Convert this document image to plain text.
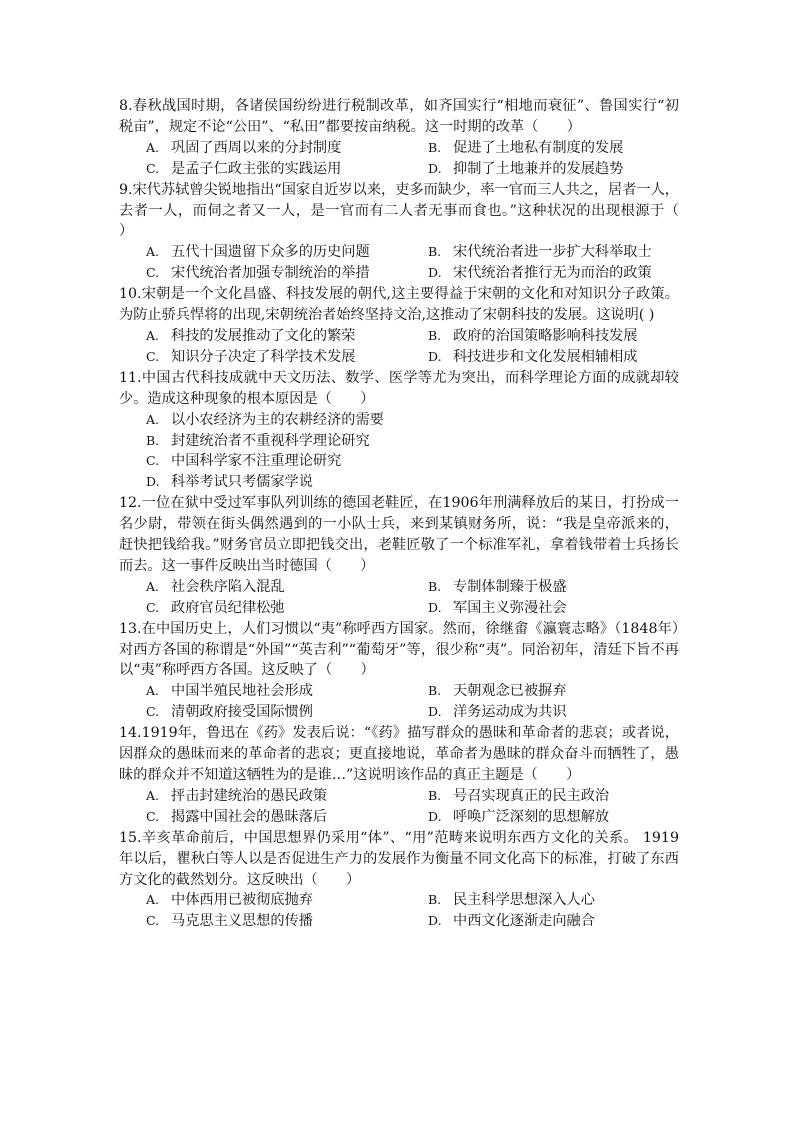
8.春秋战国时期，各诸侯国纷纷进行税制改革，如齐国实行“相地而衰征”、鲁国实行“初税亩”，规定不论“公田”、“私田”都要按亩纳税。这一时期的改革（　　）

A. 巩固了西周以来的分封制度	B. 促进了土地私有制度的发展
C. 是孟子仁政主张的实践运用	D. 抑制了土地兼并的发展趋势

9.宋代苏轼曾尖锐地指出“国家自近岁以来，吏多而缺少，率一官而三人共之，居者一人，去者一人，而伺之者又一人，是一官而有二人者无事而食也。”这种状况的出现根源于（　　）

A. 五代十国遗留下众多的历史问题	B. 宋代统治者进一步扩大科举取士
C. 宋代统治者加强专制统治的举措	D. 宋代统治者推行无为而治的政策

10.宋朝是一个文化昌盛、科技发展的朝代,这主要得益于宋朝的文化和对知识分子政策。为防止骄兵悍将的出现,宋朝统治者始终坚持文治,这推动了宋朝科技的发展。这说明( )

A. 科技的发展推动了文化的繁荣	B. 政府的治国策略影响科技发展
C. 知识分子决定了科学技术发展	D. 科技进步和文化发展相辅相成

11.中国古代科技成就中天文历法、数学、医学等尤为突出，而科学理论方面的成就却较少。造成这种现象的根本原因是（　　）

A. 以小农经济为主的农耕经济的需要
B. 封建统治者不重视科学理论研究
C. 中国科学家不注重理论研究
D. 科举考试只考儒家学说

12.一位在狱中受过军事队列训练的德国老鞋匠，在1906年刑满释放后的某日，打扮成一名少尉，带领在街头偶然遇到的一小队士兵，来到某镇财务所，说：“我是皇帝派来的，赶快把钱给我。”财务官员立即把钱交出，老鞋匠敬了一个标准军礼，拿着钱带着士兵扬长而去。这一事件反映出当时德国（　　）

A. 社会秩序陷入混乱	B. 专制体制臻于极盛
C. 政府官员纪律松弛	D. 军国主义弥漫社会

13.在中国历史上，人们习惯以“夷”称呼西方国家。然而，徐继畬《瀛寰志略》（1848年）对西方各国的称谓是“外国”“英吉利”“葡萄牙”等，很少称“夷”。同治初年，清廷下旨不再以“夷”称呼西方各国。这反映了（　　）

A. 中国半殖民地社会形成	B. 天朝观念已被摒弃
C. 清朝政府接受国际惯例	D. 洋务运动成为共识

14.1919年，鲁迅在《药》发表后说：“《药》描写群众的愚昧和革命者的悲哀；或者说，因群众的愚昧而来的革命者的悲哀；更直接地说，革命者为愚昧的群众奋斗而牺牲了，愚昧的群众并不知道这牺牲为的是谁…”这说明该作品的真正主题是（　　）

A. 抨击封建统治的愚民政策	B. 号召实现真正的民主政治
C. 揭露中国社会的愚昧落后	D. 呼唤广泛深刻的思想解放

15.辛亥革命前后，中国思想界仍采用“体”、“用”范畴来说明东西方文化的关系。 1919年以后，瞿秋白等人以是否促进生产力的发展作为衡量不同文化高下的标准，打破了东西方文化的截然划分。这反映出（　　）

A. 中体西用已被彻底抛弃	B. 民主科学思想深入人心
C. 马克思主义思想的传播	D. 中西文化逐渐走向融合
